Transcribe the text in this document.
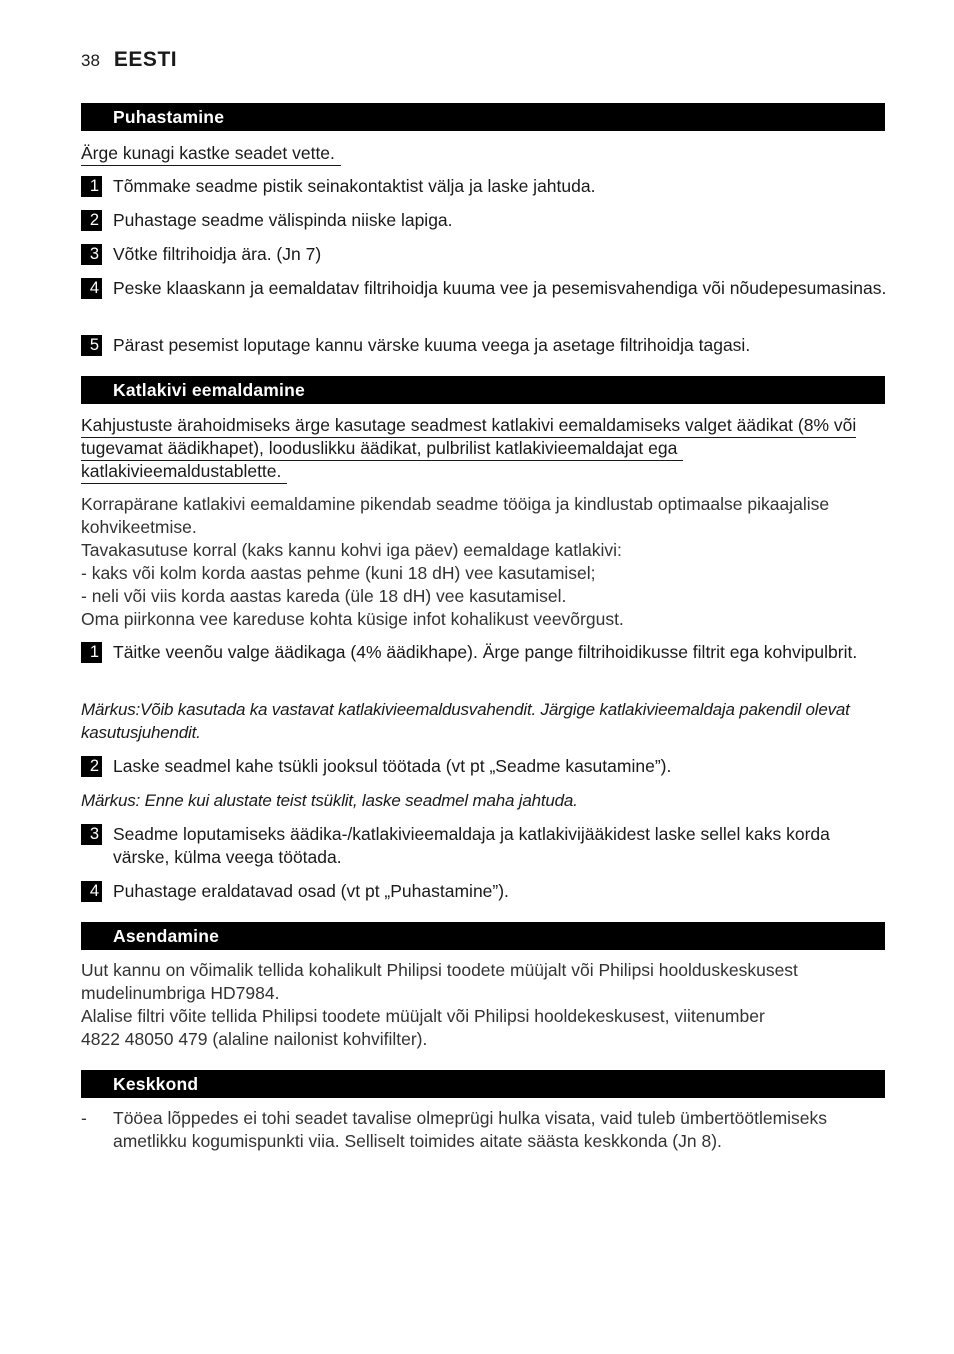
38 EESTI
Puhastamine
Ärge kunagi kastke seadet vette.
1 Tõmmake seadme pistik seinakontaktist välja ja laske jahtuda.
2 Puhastage seadme välispinda niiske lapiga.
3 Võtke filtrihoidja ära. (Jn 7)
4 Peske klaaskann ja eemaldatav filtrihoidja kuuma vee ja pesemisvahendiga või nõudepesumasinas.
5 Pärast pesemist loputage kannu värske kuuma veega ja asetage filtrihoidja tagasi.
Katlakivi eemaldamine
Kahjustuste ärahoidmiseks ärge kasutage seadmest katlakivi eemaldamiseks valget äädikat (8% või
tugevamat äädikhapet), looduslikku äädikat, pulbrilist katlakivieemaldajat ega
katlakivieemaldustablette.
Korrapärane katlakivi eemaldamine pikendab seadme tööiga ja kindlustab optimaalse pikaajalise
kohvikeetmise.
Tavakasutuse korral (kaks kannu kohvi iga päev) eemaldage katlakivi:
- kaks või kolm korda aastas pehme (kuni 18 dH) vee kasutamisel;
- neli või viis korda aastas kareda (üle 18 dH) vee kasutamisel.
Oma piirkonna vee kareduse kohta küsige infot kohalikust veevõrgust.
1 Täitke veenõu valge äädikaga (4% äädikhape). Ärge pange filtrihoidikusse filtrit ega kohvipulbrit.
Märkus:Võib kasutada ka vastavat katlakivieemaldusvahendit. Järgige katlakivieemaldaja pakendil olevat kasutusjuhendit.
2 Laske seadmel kahe tsükli jooksul töötada (vt pt „Seadme kasutamine”).
Märkus: Enne kui alustate teist tsüklit, laske seadmel maha jahtuda.
3 Seadme loputamiseks äädika-/katlakivieemaldaja ja katlakivijääkidest laske sellel kaks korda värske, külma veega töötada.
4 Puhastage eraldatavad osad (vt pt „Puhastamine”).
Asendamine
Uut kannu on võimalik tellida kohalikult Philipsi toodete müüjalt või Philipsi hoolduskeskusest
mudelinumbriga HD7984.
Alalise filtri võite tellida Philipsi toodete müüjalt või Philipsi hooldekeskusest, viitenumber
4822 48050 479 (alaline nailonist kohvifilter).
Keskkond
- Tööea lõppedes ei tohi seadet tavalise olmeprügi hulka visata, vaid tuleb ümbertöötlemiseks ametlikku kogumispunkti viia. Selliselt toimides aitate säästa keskkonda (Jn 8).
